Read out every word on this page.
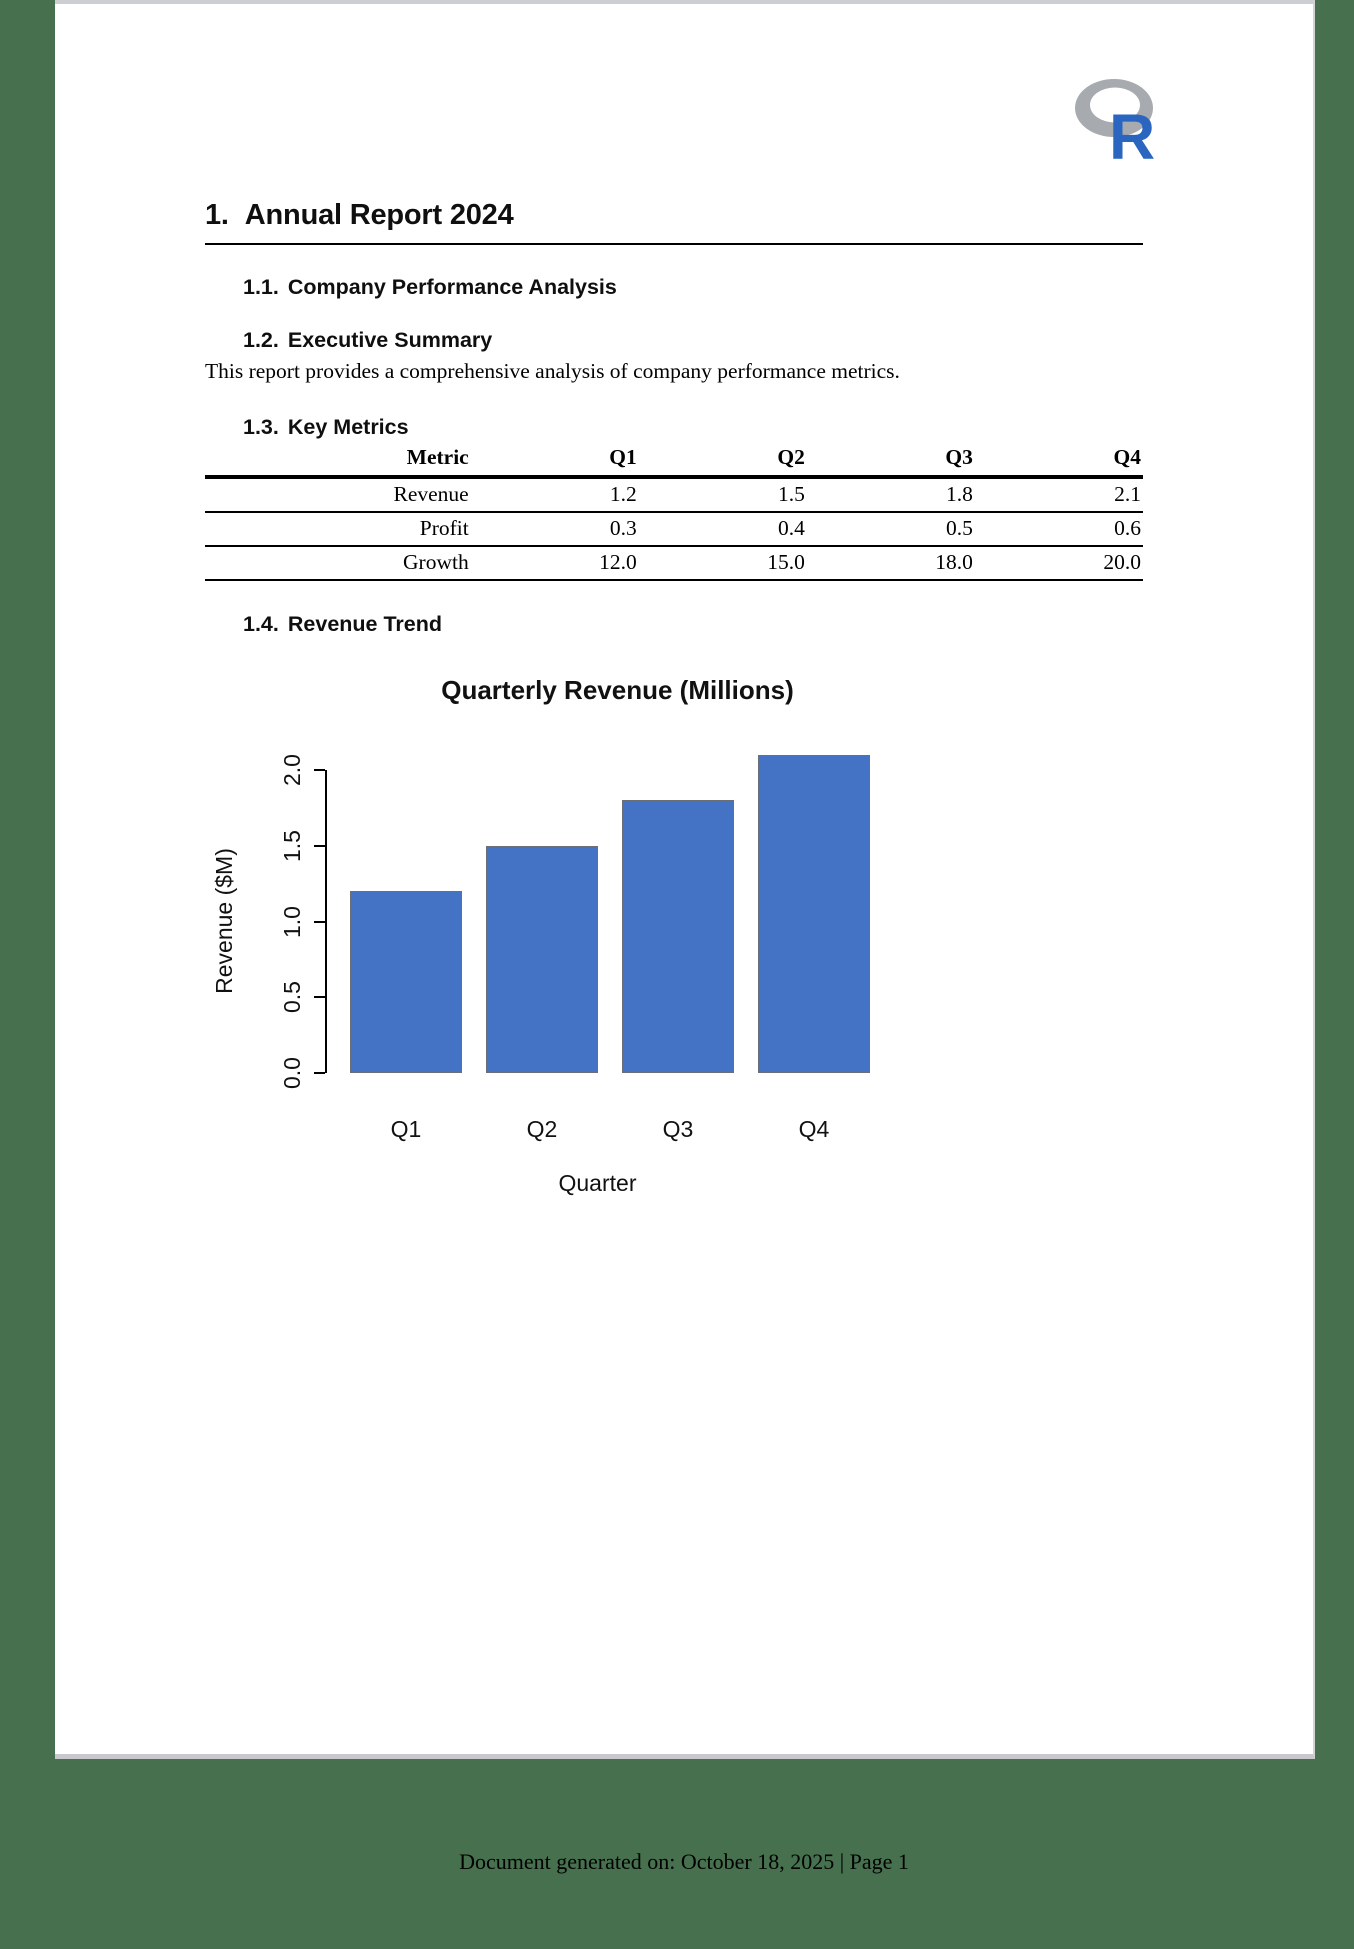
R
1. Annual Report 2024
1.1. Company Performance Analysis
1.2. Executive Summary

This report provides a comprehensive analysis of company performance metrics.

1.3. Key Metrics
Metric	Q1	Q2	Q3	Q4
Revenue	1.2	1.5	1.8	2.1
Profit	0.3	0.4	0.5	0.6
Growth	12.0	15.0	18.0	20.0
1.4. Revenue Trend
Quarterly Revenue (Millions)
Revenue ($M)
0.0
0.5
1.0
1.5
2.0
Q1	Q2	Q3	Q4
Quarter
Document generated on: October 18, 2025 | Page 1
